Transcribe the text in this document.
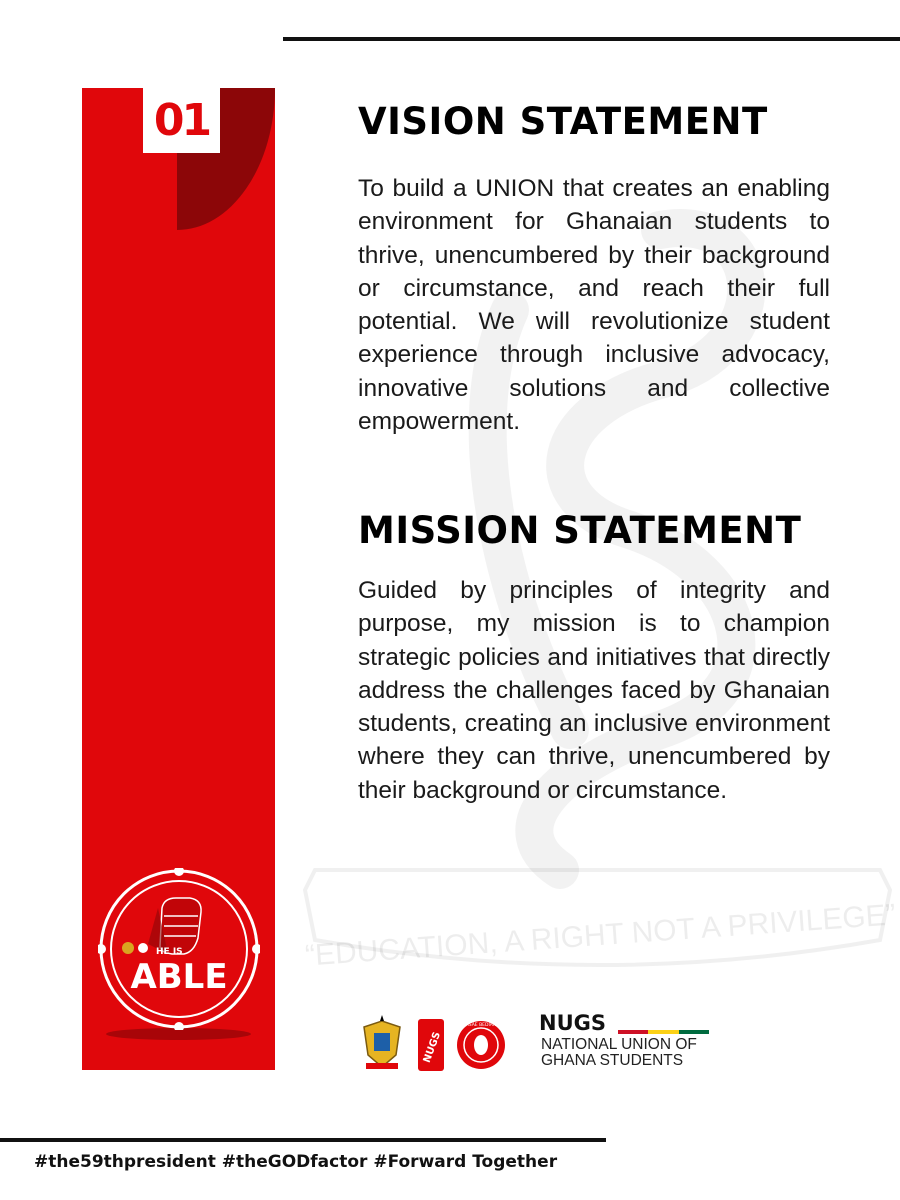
“EDUCATION, A RIGHT NOT A PRIVILEGE”
01
HE IS
ABLE
VISION STATEMENT

To build a UNION that creates an enabling environment for Ghanaian students to thrive, unencumbered by their background or circumstance, and reach their full potential. We will revolutionize student experience through inclusive advocacy, innovative solutions and collective empowerment.

MISSION STATEMENT

Guided by principles of integrity and purpose, my mission is to champion strategic policies and initiatives that directly address the challenges faced by Ghanaian students, creating an inclusive environment where they can thrive, unencumbered by their background or circumstance.

NUGS
KASAE BEDIAKO NUGS
NATIONAL UNION OF
GHANA STUDENTS
#the59thpresident #theGODfactor #Forward Together
